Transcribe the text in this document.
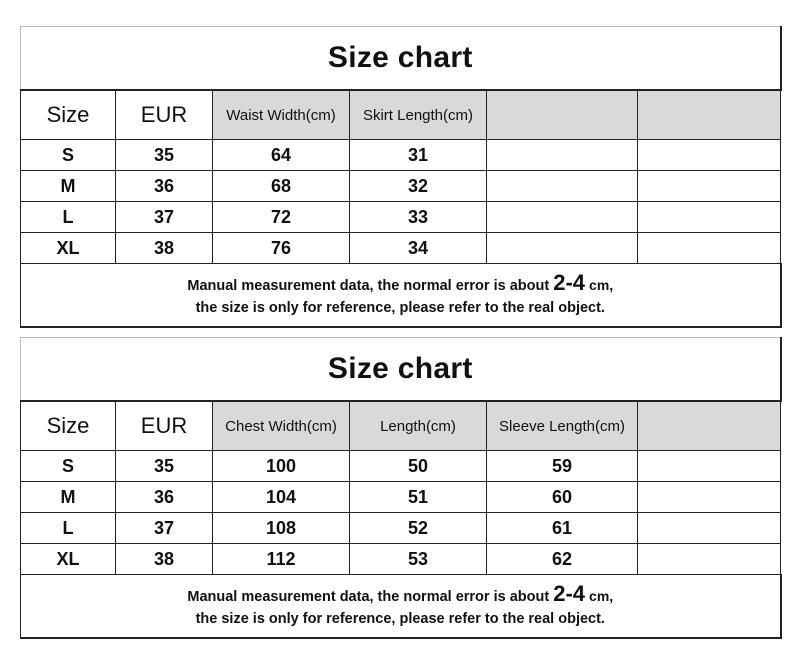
Size chart					
Size	EUR	Waist Width(cm)	Skirt Length(cm)		
S	35	64	31		
M	36	68	32		
L	37	72	33		
XL	38	76	34		
Manual measurement data, the normal error is about 2-4 cm,
the size is only for reference, please refer to the real object.					
Size chart					
Size	EUR	Chest Width(cm)	Length(cm)	Sleeve Length(cm)	
S	35	100	50	59	
M	36	104	51	60	
L	37	108	52	61	
XL	38	112	53	62	
Manual measurement data, the normal error is about 2-4 cm,
the size is only for reference, please refer to the real object.					
